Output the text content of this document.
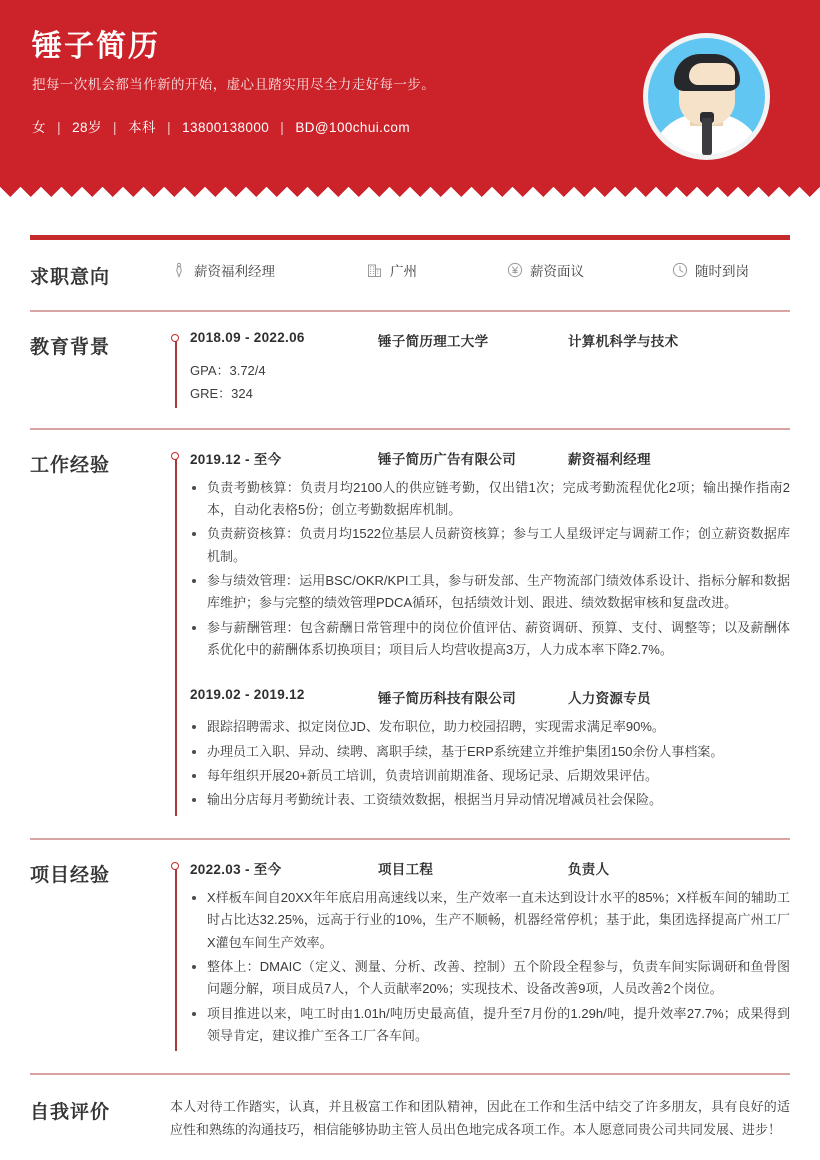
锤子简历
把每一次机会都当作新的开始，虚心且踏实用尽全力走好每一步。
女 | 28岁 | 本科 | 13800138000 | BD@100chui.com
求职意向	薪资福利经理	广州	薪资面议	随时到岗
教育背景	2018.09 - 2022.06	锤子简历理工大学	计算机科学与技术
GPA：3.72/4
GRE：324
工作经验	2019.12 - 至今	锤子简历广告有限公司	薪资福利经理
负责考勤核算：负责月均2100人的供应链考勤，仅出错1次；完成考勤流程优化2项；输出操作指南2本，自动化表格5份；创立考勤数据库机制。
负责薪资核算：负责月均1522位基层人员薪资核算；参与工人星级评定与调薪工作；创立薪资数据库机制。
参与绩效管理：运用BSC/OKR/KPI工具，参与研发部、生产物流部门绩效体系设计、指标分解和数据库维护；参与完整的绩效管理PDCA循环，包括绩效计划、跟进、绩效数据审核和复盘改进。
参与薪酬管理：包含薪酬日常管理中的岗位价值评估、薪资调研、预算、支付、调整等；以及薪酬体系优化中的薪酬体系切换项目；项目后人均营收提高3万，人力成本率下降2.7%。
2019.02 - 2019.12	锤子简历科技有限公司	人力资源专员
跟踪招聘需求、拟定岗位JD、发布职位，助力校园招聘，实现需求满足率90%。
办理员工入职、异动、续聘、离职手续，基于ERP系统建立并维护集团150余份人事档案。
每年组织开展20+新员工培训，负责培训前期准备、现场记录、后期效果评估。
输出分店每月考勤统计表、工资绩效数据，根据当月异动情况增减员社会保险。
项目经验	2022.03 - 至今	项目工程	负责人
X样板车间自20XX年年底启用高速线以来，生产效率一直未达到设计水平的85%；X样板车间的辅助工时占比达32.25%，远高于行业的10%，生产不顺畅，机器经常停机；基于此，集团选择提高广州工厂X灌包车间生产效率。
整体上：DMAIC（定义、测量、分析、改善、控制）五个阶段全程参与，负责车间实际调研和鱼骨图问题分解，项目成员7人，个人贡献率20%；实现技术、设备改善9项，人员改善2个岗位。
项目推进以来，吨工时由1.01h/吨历史最高值，提升至7月份的1.29h/吨，提升效率27.7%；成果得到领导肯定，建议推广至各工厂各车间。
自我评价	本人对待工作踏实，认真，并且极富工作和团队精神，因此在工作和生活中结交了许多朋友，具有良好的适应性和熟练的沟通技巧，相信能够协助主管人员出色地完成各项工作。本人愿意同贵公司共同发展、进步！
